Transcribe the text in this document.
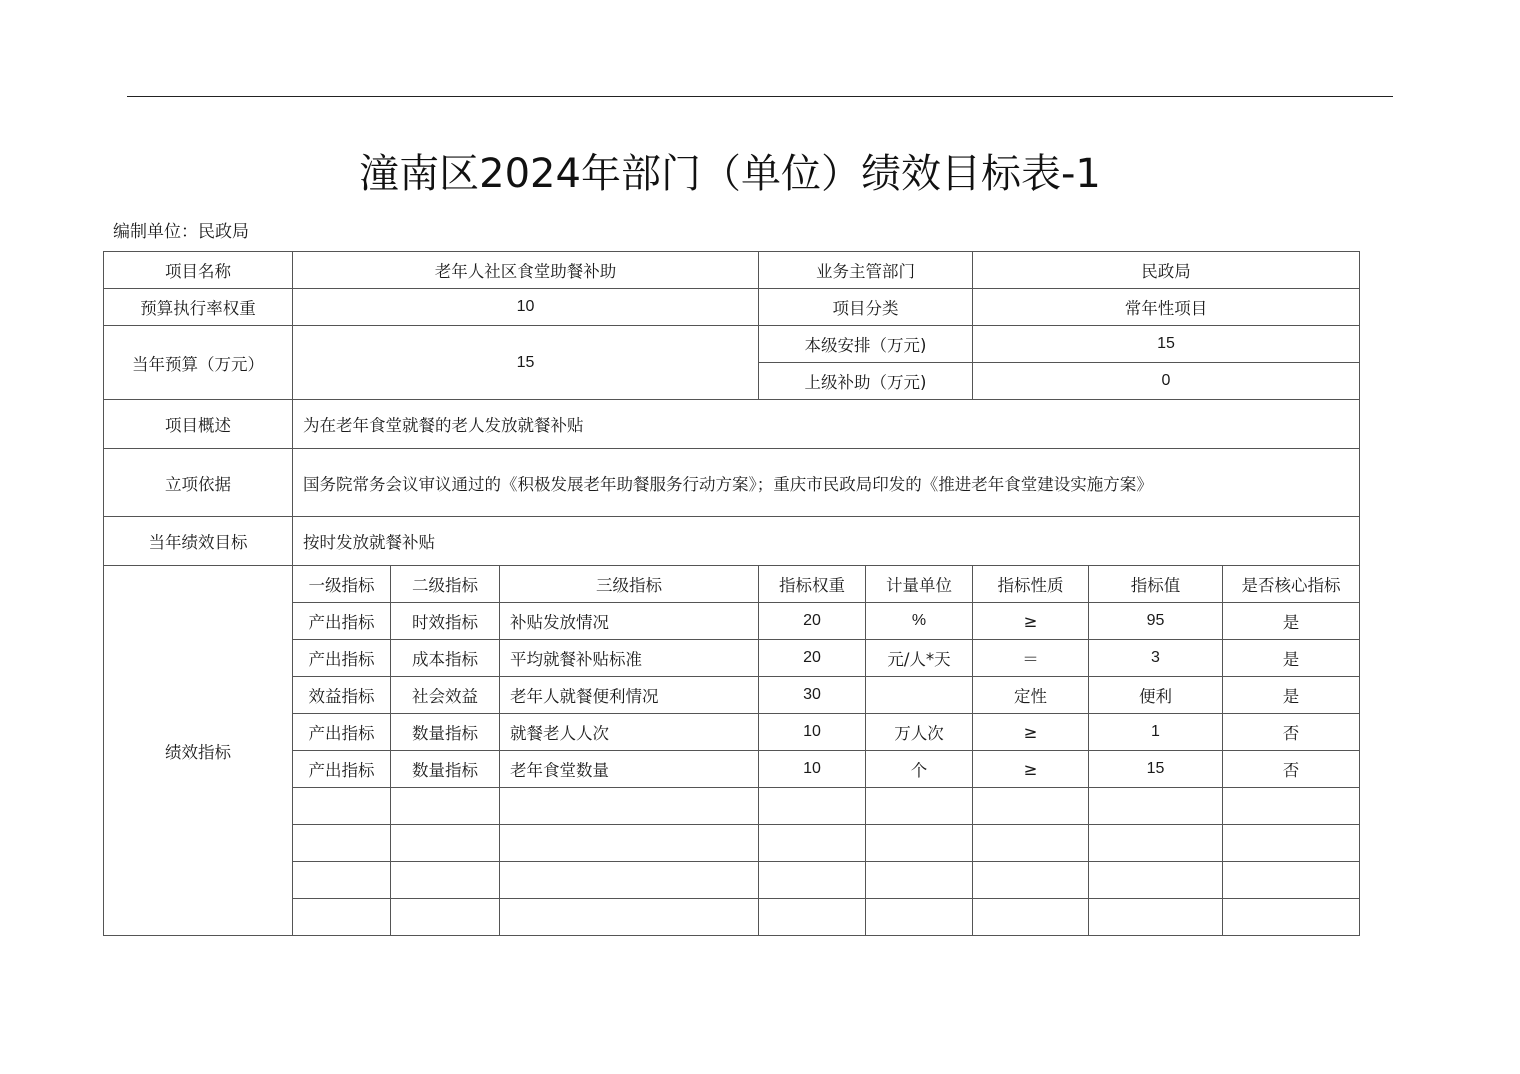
潼南区2024年部门（单位）绩效目标表-1
编制单位：民政局
项目名称	老年人社区食堂助餐补助			业务主管部门		民政局		
预算执行率权重	10			项目分类		常年性项目		
当年预算（万元）	15			本级安排（万元)		15		
				上级补助（万元)		0		
项目概述	为在老年食堂就餐的老人发放就餐补贴							
立项依据	国务院常务会议审议通过的《积极发展老年助餐服务行动方案》；重庆市民政局印发的《推进老年食堂建设实施方案》							
当年绩效目标	按时发放就餐补贴							
绩效指标	一级指标	二级指标	三级指标	指标权重	计量单位	指标性质	指标值	是否核心指标
	产出指标	时效指标	补贴发放情况	20	%	≥	95	是
	产出指标	成本指标	平均就餐补贴标准	20	元/人*天	＝	3	是
	效益指标	社会效益	老年人就餐便利情况	30		定性	便利	是
	产出指标	数量指标	就餐老人人次	10	万人次	≥	1	否
	产出指标	数量指标	老年食堂数量	10	个	≥	15	否
